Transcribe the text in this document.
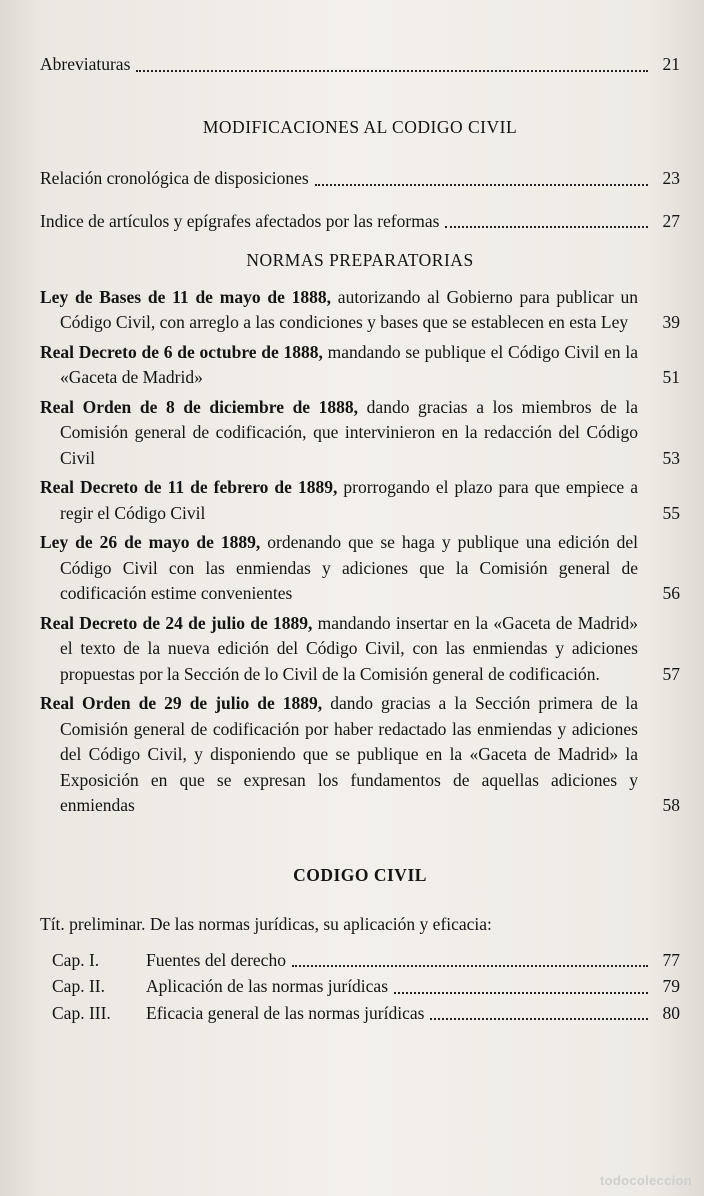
Abreviaturas	21
MODIFICACIONES AL CODIGO CIVIL
Relación cronológica de disposiciones	23
Indice de artículos y epígrafes afectados por las reformas	27
NORMAS PREPARATORIAS
Ley de Bases de 11 de mayo de 1888, autorizando al Gobierno para publicar un Código Civil, con arreglo a las condiciones y bases que se establecen en esta Ley	39
Real Decreto de 6 de octubre de 1888, mandando se publique el Código Civil en la «Gaceta de Madrid»	51
Real Orden de 8 de diciembre de 1888, dando gracias a los miembros de la Comisión general de codificación, que intervinieron en la redacción del Código Civil	53
Real Decreto de 11 de febrero de 1889, prorrogando el plazo para que empiece a regir el Código Civil	55
Ley de 26 de mayo de 1889, ordenando que se haga y publique una edición del Código Civil con las enmiendas y adiciones que la Comisión general de codificación estime convenientes	56
Real Decreto de 24 de julio de 1889, mandando insertar en la «Gaceta de Madrid» el texto de la nueva edición del Código Civil, con las enmiendas y adiciones propuestas por la Sección de lo Civil de la Comisión general de codificación.	57
Real Orden de 29 de julio de 1889, dando gracias a la Sección primera de la Comisión general de codificación por haber redactado las enmiendas y adiciones del Código Civil, y disponiendo que se publique en la «Gaceta de Madrid» la Exposición en que se expresan los fundamentos de aquellas adiciones y enmiendas	58
CODIGO CIVIL
Tít. preliminar. De las normas jurídicas, su aplicación y eficacia:
Cap. I.	Fuentes del derecho	77
Cap. II.	Aplicación de las normas jurídicas	79
Cap. III.	Eficacia general de las normas jurídicas	80
todocoleccion
